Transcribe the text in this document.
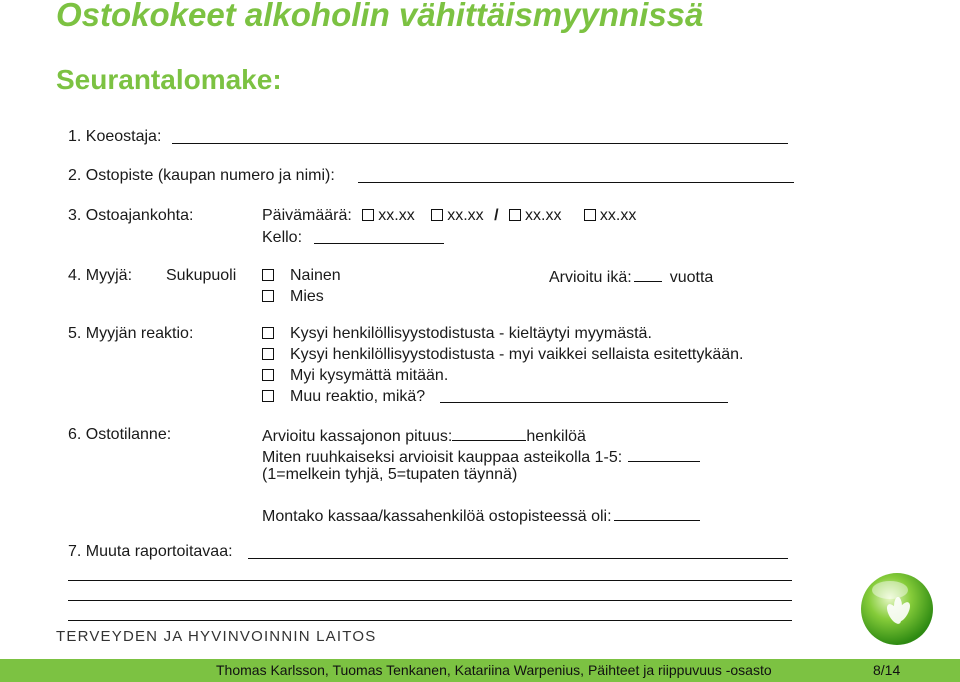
Ostokokeet alkoholin vähittäismyynnissä
Seurantalomake:
1. Koeostaja:
2. Ostopiste (kaupan numero ja nimi):
3. Ostoajankohta:	Päivämäärä: xx.xx xx.xx / xx.xx xx.xx
Kello:
4. Myyjä: Sukupuoli	Nainen
Mies
Arvioitu ikä: vuotta
5. Myyjän reaktio:	Kysyi henkilöllisyystodistusta - kieltäytyi myymästä.
Kysyi henkilöllisyystodistusta - myi vaikkei sellaista esitettykään.
Myi kysymättä mitään.
Muu reaktio, mikä?
6. Ostotilanne:	Arvioitu kassajonon pituus:	henkilöä
Miten ruuhkaiseksi arvioisit kauppaa asteikolla 1-5:
(1=melkein tyhjä, 5=tupaten täynnä)
Montako kassaa/kassahenkilöä ostopisteessä oli:
7. Muuta raportoitavaa:
TERVEYDEN JA HYVINVOINNIN LAITOS
Thomas Karlsson, Tuomas Tenkanen, Katariina Warpenius, Päihteet ja riippuvuus -osasto	8/14
